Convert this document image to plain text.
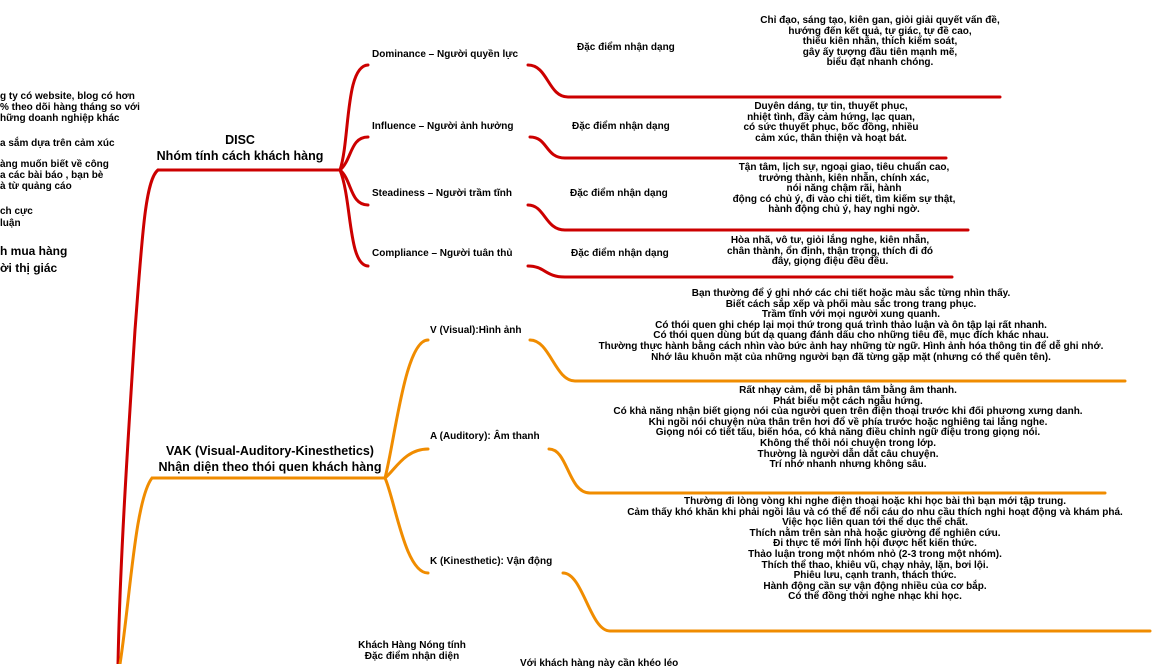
g ty có website, blog có hơn
% theo dõi hàng tháng so với
hững doanh nghiệp khác
a sắm dựa trên cảm xúc
àng muốn biết về công
a các bài báo , bạn bè
à từ quảng cáo
ch cực
luận
h mua hàng
ời thị giác
DISC
Nhóm tính cách khách hàng
Dominance – Người quyền lực
Influence – Người ảnh hưởng
Steadiness – Người trầm tĩnh
Compliance – Người tuân thủ
Đặc điểm nhận dạng
Đặc điểm nhận dạng
Đặc điểm nhận dạng
Đặc điểm nhận dạng
Chỉ đạo, sáng tạo, kiên gan, giỏi giải quyết vấn đề,
hướng đến kết quả, tự giác, tự đề cao,
thiếu kiên nhẫn, thích kiểm soát,
gây ấy tượng đầu tiên mạnh mẽ,
biểu đạt nhanh chóng.
Duyên dáng, tự tin, thuyết phục,
nhiệt tình, đầy cảm hứng, lạc quan,
có sức thuyết phục, bốc đồng, nhiều
cảm xúc, thân thiện và hoạt bát.
Tận tâm, lịch sự, ngoại giao, tiêu chuẩn cao,
trưởng thành, kiên nhẫn, chính xác,
nói năng chậm rãi, hành
động có chủ ý, đi vào chi tiết, tìm kiếm sự thật,
hành động chủ ý, hay nghi ngờ.
Hòa nhã, vô tư, giỏi lắng nghe, kiên nhẫn,
chân thành, ổn định, thận trọng, thích đi đó
đây, giọng điệu đều đều.
VAK (Visual-Auditory-Kinesthetics)
Nhận diện theo thói quen khách hàng
V (Visual):Hình ảnh
A (Auditory): Âm thanh
K (Kinesthetic): Vận động
Bạn thường để ý ghi nhớ các chi tiết hoặc màu sắc từng nhìn thấy.
Biết cách sắp xếp và phối màu sắc trong trang phục.
Trầm tĩnh với mọi người xung quanh.
Có thói quen ghi chép lại mọi thứ trong quá trình thảo luận và ôn tập lại rất nhanh.
Có thói quen dùng bút dạ quang đánh dấu cho những tiêu đề, mục đích khác nhau.
Thường thực hành bằng cách nhìn vào bức ảnh hay những từ ngữ. Hình ảnh hóa thông tin để dễ ghi nhớ.
Nhớ lâu khuôn mặt của những người bạn đã từng gặp mặt (nhưng có thể quên tên).
Rất nhạy cảm, dễ bị phân tâm bằng âm thanh.
Phát biểu một cách ngẫu hứng.
Có khả năng nhận biết giọng nói của người quen trên điện thoại trước khi đối phương xưng danh.
Khi ngồi nói chuyện nửa thân trên hơi đổ về phía trước hoặc nghiêng tai lắng nghe.
Giọng nói có tiết tấu, biến hóa, có khả năng điều chỉnh ngữ điệu trong giọng nói.
Không thể thôi nói chuyện trong lớp.
Thường là người dẫn dắt câu chuyện.
Trí nhớ nhanh nhưng không sâu.
Thường đi lòng vòng khi nghe điện thoại hoặc khi học bài thì bạn mới tập trung.
Cảm thấy khó khăn khi phải ngồi lâu và có thể để nổi cáu do nhu cầu thích nghi hoạt động và khám phá.
Việc học liên quan tới thể dục thể chất.
Thích nằm trên sàn nhà hoặc giường để nghiên cứu.
Đi thực tế mới lĩnh hội được hết kiến thức.
Thảo luận trong một nhóm nhỏ (2-3 trong một nhóm).
Thích thể thao, khiêu vũ, chạy nhảy, lặn, bơi lội.
Phiêu lưu, cạnh tranh, thách thức.
Hành động cần sự vận động nhiều của cơ bắp.
Có thể đồng thời nghe nhạc khi học.
Khách Hàng Nóng tính
Đặc điểm nhận diện
Với khách hàng này cần khéo léo
